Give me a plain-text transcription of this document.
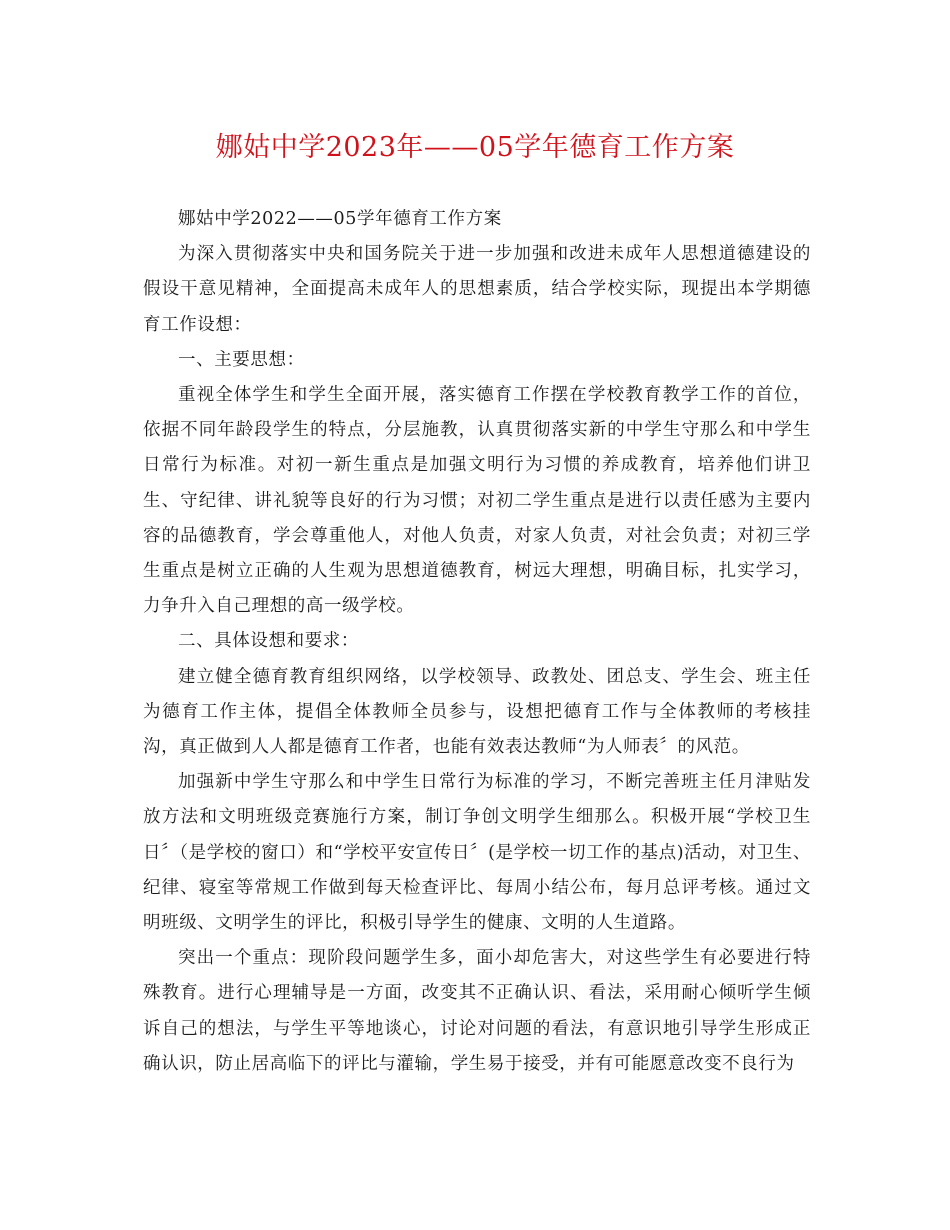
娜姑中学2023年——05学年德育工作方案

娜姑中学2022——05学年德育工作方案

为深入贯彻落实中央和国务院关于进一步加强和改进未成年人思想道德建设的假设干意见精神，全面提高未成年人的思想素质，结合学校实际，现提出本学期德育工作设想：

一、主要思想：

重视全体学生和学生全面开展，落实德育工作摆在学校教育教学工作的首位，依据不同年龄段学生的特点，分层施教，认真贯彻落实新的中学生守那么和中学生日常行为标准。对初一新生重点是加强文明行为习惯的养成教育，培养他们讲卫生、守纪律、讲礼貌等良好的行为习惯；对初二学生重点是进行以责任感为主要内容的品德教育，学会尊重他人，对他人负责，对家人负责，对社会负责；对初三学生重点是树立正确的人生观为思想道德教育，树远大理想，明确目标，扎实学习，力争升入自己理想的高一级学校。

二、具体设想和要求：

建立健全德育教育组织网络，以学校领导、政教处、团总支、学生会、班主任为德育工作主体，提倡全体教师全员参与，设想把德育工作与全体教师的考核挂沟，真正做到人人都是德育工作者，也能有效表达教师“为人师表〞的风范。

加强新中学生守那么和中学生日常行为标准的学习，不断完善班主任月津贴发放方法和文明班级竞赛施行方案，制订争创文明学生细那么。积极开展“学校卫生日〞（是学校的窗口）和“学校平安宣传日〞(是学校一切工作的基点)活动，对卫生、纪律、寝室等常规工作做到每天检查评比、每周小结公布，每月总评考核。通过文明班级、文明学生的评比，积极引导学生的健康、文明的人生道路。

突出一个重点：现阶段问题学生多，面小却危害大，对这些学生有必要进行特殊教育。进行心理辅导是一方面，改变其不正确认识、看法，采用耐心倾听学生倾诉自己的想法，与学生平等地谈心，讨论对问题的看法，有意识地引导学生形成正确认识，防止居高临下的评比与灌输，学生易于接受，并有可能愿意改变不良行为
